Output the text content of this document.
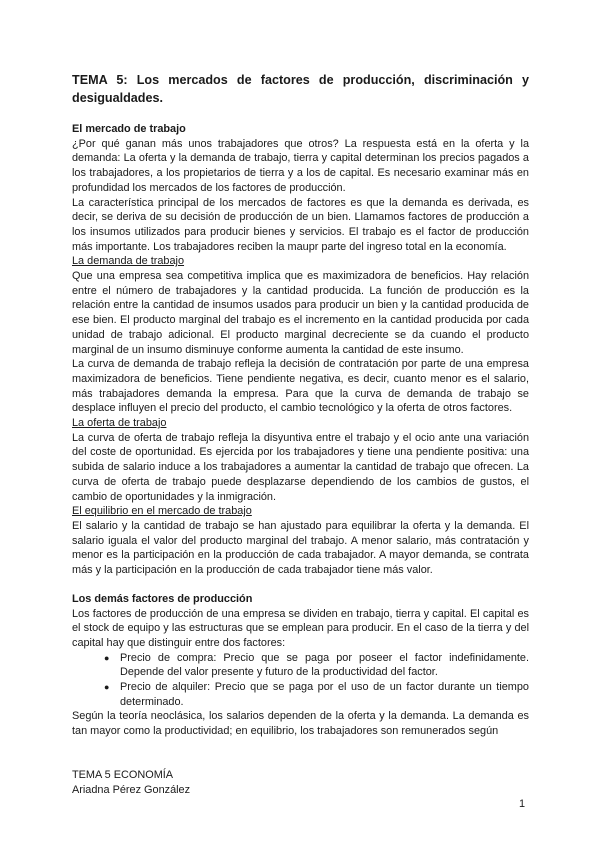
TEMA 5: Los mercados de factores de producción, discriminación y desigualdades.

El mercado de trabajo

¿Por qué ganan más unos trabajadores que otros? La respuesta está en la oferta y la demanda: La oferta y la demanda de trabajo, tierra y capital determinan los precios pagados a los trabajadores, a los propietarios de tierra y a los de capital. Es necesario examinar más en profundidad los mercados de los factores de producción.

La característica principal de los mercados de factores es que la demanda es derivada, es decir, se deriva de su decisión de producción de un bien. Llamamos factores de producción a los insumos utilizados para producir bienes y servicios. El trabajo es el factor de producción más importante. Los trabajadores reciben la maupr parte del ingreso total en la economía.

La demanda de trabajo

Que una empresa sea competitiva implica que es maximizadora de beneficios. Hay relación entre el número de trabajadores y la cantidad producida. La función de producción es la relación entre la cantidad de insumos usados para producir un bien y la cantidad producida de ese bien. El producto marginal del trabajo es el incremento en la cantidad producida por cada unidad de trabajo adicional. El producto marginal decreciente se da cuando el producto marginal de un insumo disminuye conforme aumenta la cantidad de este insumo.

La curva de demanda de trabajo refleja la decisión de contratación por parte de una empresa maximizadora de beneficios. Tiene pendiente negativa, es decir, cuanto menor es el salario, más trabajadores demanda la empresa. Para que la curva de demanda de trabajo se desplace influyen el precio del producto, el cambio tecnológico y la oferta de otros factores.

La oferta de trabajo

La curva de oferta de trabajo refleja la disyuntiva entre el trabajo y el ocio ante una variación del coste de oportunidad. Es ejercida por los trabajadores y tiene una pendiente positiva: una subida de salario induce a los trabajadores a aumentar la cantidad de trabajo que ofrecen. La curva de oferta de trabajo puede desplazarse dependiendo de los cambios de gustos, el cambio de oportunidades y la inmigración.

El equilibrio en el mercado de trabajo

El salario y la cantidad de trabajo se han ajustado para equilibrar la oferta y la demanda. El salario iguala el valor del producto marginal del trabajo. A menor salario, más contratación y menor es la participación en la producción de cada trabajador. A mayor demanda, se contrata más y la participación en la producción de cada trabajador tiene más valor.

Los demás factores de producción

Los factores de producción de una empresa se dividen en trabajo, tierra y capital. El capital es el stock de equipo y las estructuras que se emplean para producir. En el caso de la tierra y del capital hay que distinguir entre dos factores:

● Precio de compra: Precio que se paga por poseer el factor indefinidamente. Depende del valor presente y futuro de la productividad del factor.
● Precio de alquiler: Precio que se paga por el uso de un factor durante un tiempo determinado.

Según la teoría neoclásica, los salarios dependen de la oferta y la demanda. La demanda es tan mayor como la productividad; en equilibrio, los trabajadores son remunerados según

TEMA 5 ECONOMÍA
Ariadna Pérez González
1
